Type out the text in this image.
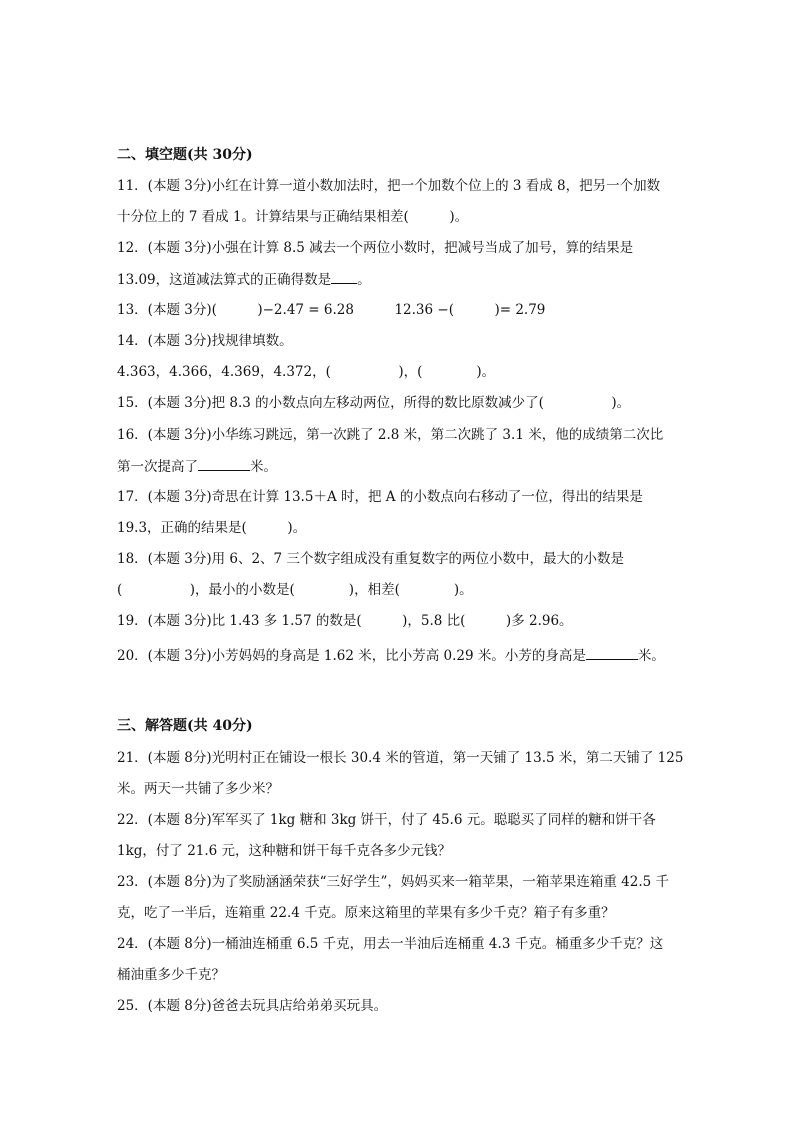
二、填空题(共 30分)
11．(本题 3分)小红在计算一道小数加法时，把一个加数个位上的 3 看成 8，把另一个加数
十分位上的 7 看成 1。计算结果与正确结果相差(　　　)。
12．(本题 3分)小强在计算 8.5 减去一个两位小数时，把减号当成了加号，算的结果是
13.09，这道减法算式的正确得数是 。
13．(本题 3分)(　　　)−2.47 = 6.28　　　12.36 −(　　　)= 2.79
14．(本题 3分)找规律填数。
4.363，4.366，4.369，4.372，(　　　　　)，(　　　　)。
15．(本题 3分)把 8.3 的小数点向左移动两位，所得的数比原数减少了(　　　　　)。
16．(本题 3分)小华练习跳远，第一次跳了 2.8 米，第二次跳了 3.1 米，他的成绩第二次比
第一次提高了	米。
17．(本题 3分)奇思在计算 13.5＋A 时，把 A 的小数点向右移动了一位，得出的结果是
19.3，正确的结果是(　　　)。
18．(本题 3分)用 6、2、7 三个数字组成没有重复数字的两位小数中，最大的小数是
(　　　　　)，最小的小数是(　　　　)，相差(　　　　)。
19．(本题 3分)比 1.43 多 1.57 的数是(　　　)，5.8 比(　　　)多 2.96。
20．(本题 3分)小芳妈妈的身高是 1.62 米，比小芳高 0.29 米。小芳的身高是	米。
三、解答题(共 40分)
21．(本题 8分)光明村正在铺设一根长 30.4 米的管道，第一天铺了 13.5 米，第二天铺了 125
米。两天一共铺了多少米？
22．(本题 8分)军军买了 1kg 糖和 3kg 饼干，付了 45.6 元。聪聪买了同样的糖和饼干各
1kg，付了 21.6 元，这种糖和饼干每千克各多少元钱？
23．(本题 8分)为了奖励涵涵荣获“三好学生”，妈妈买来一箱苹果，一箱苹果连箱重 42.5 千
克，吃了一半后，连箱重 22.4 千克。原来这箱里的苹果有多少千克？箱子有多重？
24．(本题 8分)一桶油连桶重 6.5 千克，用去一半油后连桶重 4.3 千克。桶重多少千克？这
桶油重多少千克？
25．(本题 8分)爸爸去玩具店给弟弟买玩具。
